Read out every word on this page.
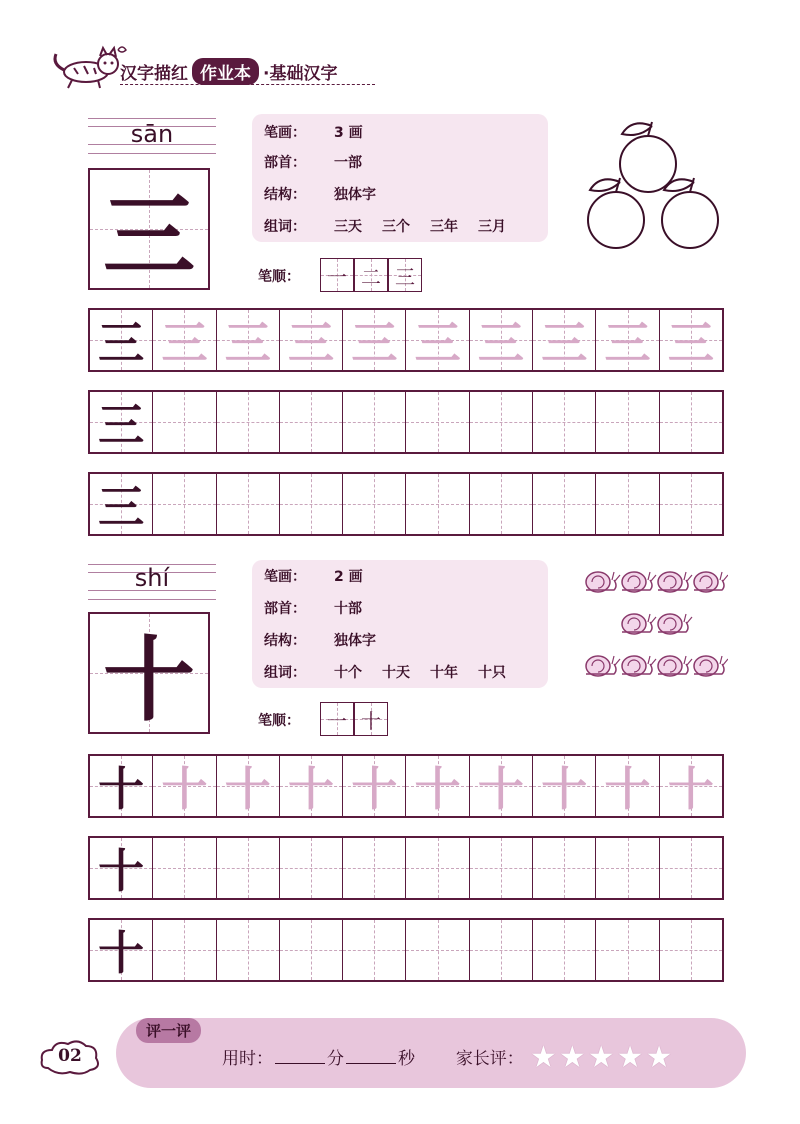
汉字描红 作业本 ·基础汉字
sān
三
笔画： 3 画
部首： 一部
结构： 独体字
组词： 三天 三个 三年 三月
笔顺：	一 二 三
三 三 三 三 三 三 三 三 三 三
三
三
shí
十
笔画： 2 画
部首： 十部
结构： 独体字
组词： 十个 十天 十年 十只
笔顺：	一 十
十 十 十 十 十 十 十 十 十 十
十
十
02
评一评
用时：	分	秒 家长评： ★★★★★
